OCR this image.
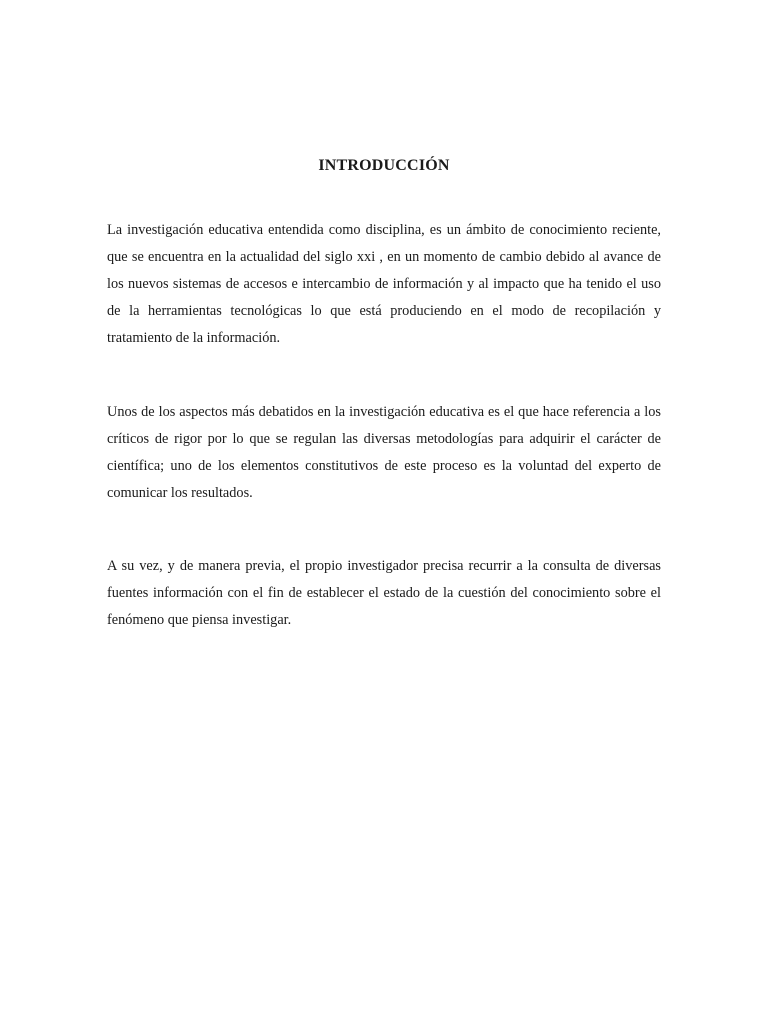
INTRODUCCIÓN

La investigación educativa entendida como disciplina, es un ámbito de conocimiento reciente, que se encuentra en la actualidad del siglo xxi , en un momento de cambio debido al avance de los nuevos sistemas de accesos e intercambio de información y al impacto que ha tenido el uso de la herramientas tecnológicas lo que está produciendo en el modo de recopilación y tratamiento de la información.

Unos de los aspectos más debatidos en la investigación educativa es el que hace referencia a los críticos de rigor por lo que se regulan las diversas metodologías para adquirir el carácter de científica; uno de los elementos constitutivos de este proceso es la voluntad del experto de comunicar los resultados.

A su vez, y de manera previa, el propio investigador precisa recurrir a la consulta de diversas fuentes información con el fin de establecer el estado de la cuestión del conocimiento sobre el fenómeno que piensa investigar.
